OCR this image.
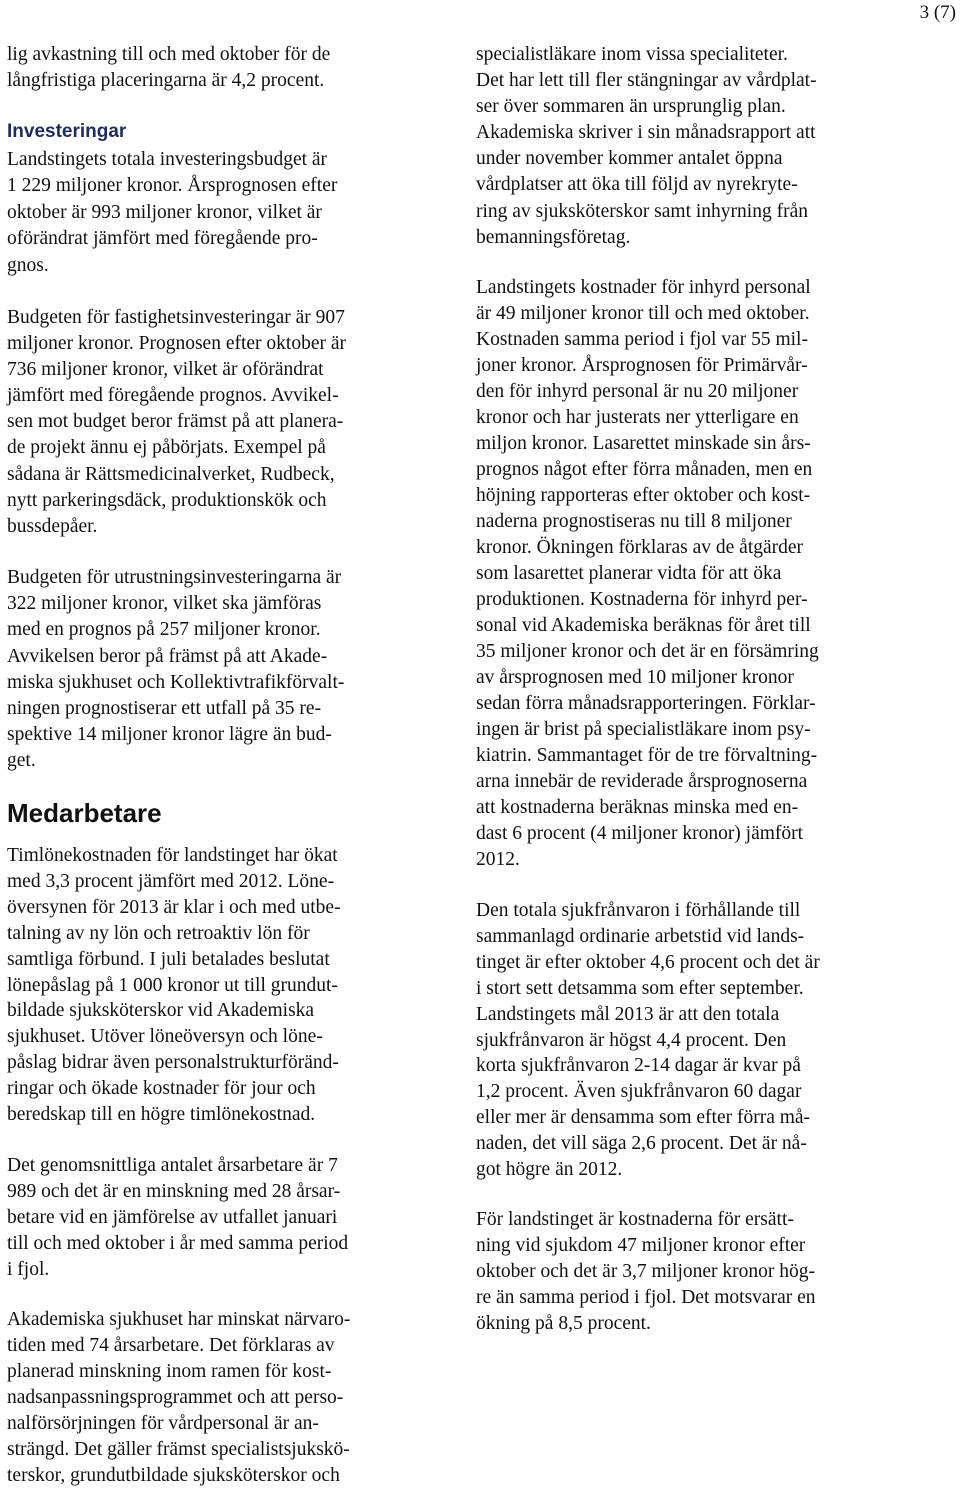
3 (7)
lig avkastning till och med oktober för de
långfristiga placeringarna är 4,2 procent.
Investeringar
Landstingets totala investeringsbudget är
1 229 miljoner kronor. Årsprognosen efter
oktober är 993 miljoner kronor, vilket är
oförändrat jämfört med föregående pro-
gnos.
Budgeten för fastighetsinvesteringar är 907
miljoner kronor. Prognosen efter oktober är
736 miljoner kronor, vilket är oförändrat
jämfört med föregående prognos. Avvikel-
sen mot budget beror främst på att planera-
de projekt ännu ej påbörjats. Exempel på
sådana är Rättsmedicinalverket, Rudbeck,
nytt parkeringsdäck, produktionskök och
bussdepåer.
Budgeten för utrustningsinvesteringarna är
322 miljoner kronor, vilket ska jämföras
med en prognos på 257 miljoner kronor.
Avvikelsen beror på främst på att Akade-
miska sjukhuset och Kollektivtrafikförvalt-
ningen prognostiserar ett utfall på 35 re-
spektive 14 miljoner kronor lägre än bud-
get.
Medarbetare
Timlönekostnaden för landstinget har ökat
med 3,3 procent jämfört med 2012. Löne-
översynen för 2013 är klar i och med utbe-
talning av ny lön och retroaktiv lön för
samtliga förbund. I juli betalades beslutat
lönepåslag på 1 000 kronor ut till grundut-
bildade sjuksköterskor vid Akademiska
sjukhuset. Utöver löneöversyn och löne-
påslag bidrar även personalstrukturföränd-
ringar och ökade kostnader för jour och
beredskap till en högre timlönekostnad.
Det genomsnittliga antalet årsarbetare är 7
989 och det är en minskning med 28 årsar-
betare vid en jämförelse av utfallet januari
till och med oktober i år med samma period
i fjol.
Akademiska sjukhuset har minskat närvaro-
tiden med 74 årsarbetare. Det förklaras av
planerad minskning inom ramen för kost-
nadsanpassningsprogrammet och att perso-
nalförsörjningen för vårdpersonal är an-
strängd. Det gäller främst specialistsjukskö-
terskor, grundutbildade sjuksköterskor och
specialistläkare inom vissa specialiteter.
Det har lett till fler stängningar av vårdplat-
ser över sommaren än ursprunglig plan.
Akademiska skriver i sin månadsrapport att
under november kommer antalet öppna
vårdplatser att öka till följd av nyrekryte-
ring av sjuksköterskor samt inhyrning från
bemanningsföretag.
Landstingets kostnader för inhyrd personal
är 49 miljoner kronor till och med oktober.
Kostnaden samma period i fjol var 55 mil-
joner kronor. Årsprognosen för Primärvår-
den för inhyrd personal är nu 20 miljoner
kronor och har justerats ner ytterligare en
miljon kronor. Lasarettet minskade sin års-
prognos något efter förra månaden, men en
höjning rapporteras efter oktober och kost-
naderna prognostiseras nu till 8 miljoner
kronor. Ökningen förklaras av de åtgärder
som lasarettet planerar vidta för att öka
produktionen. Kostnaderna för inhyrd per-
sonal vid Akademiska beräknas för året till
35 miljoner kronor och det är en försämring
av årsprognosen med 10 miljoner kronor
sedan förra månadsrapporteringen. Förklar-
ingen är brist på specialistläkare inom psy-
kiatrin. Sammantaget för de tre förvaltning-
arna innebär de reviderade årsprognoserna
att kostnaderna beräknas minska med en-
dast 6 procent (4 miljoner kronor) jämfört
2012.
Den totala sjukfrånvaron i förhållande till
sammanlagd ordinarie arbetstid vid lands-
tinget är efter oktober 4,6 procent och det är
i stort sett detsamma som efter september.
Landstingets mål 2013 är att den totala
sjukfrånvaron är högst 4,4 procent. Den
korta sjukfrånvaron 2-14 dagar är kvar på
1,2 procent. Även sjukfrånvaron 60 dagar
eller mer är densamma som efter förra må-
naden, det vill säga 2,6 procent. Det är nå-
got högre än 2012.
För landstinget är kostnaderna för ersätt-
ning vid sjukdom 47 miljoner kronor efter
oktober och det är 3,7 miljoner kronor hög-
re än samma period i fjol. Det motsvarar en
ökning på 8,5 procent.
